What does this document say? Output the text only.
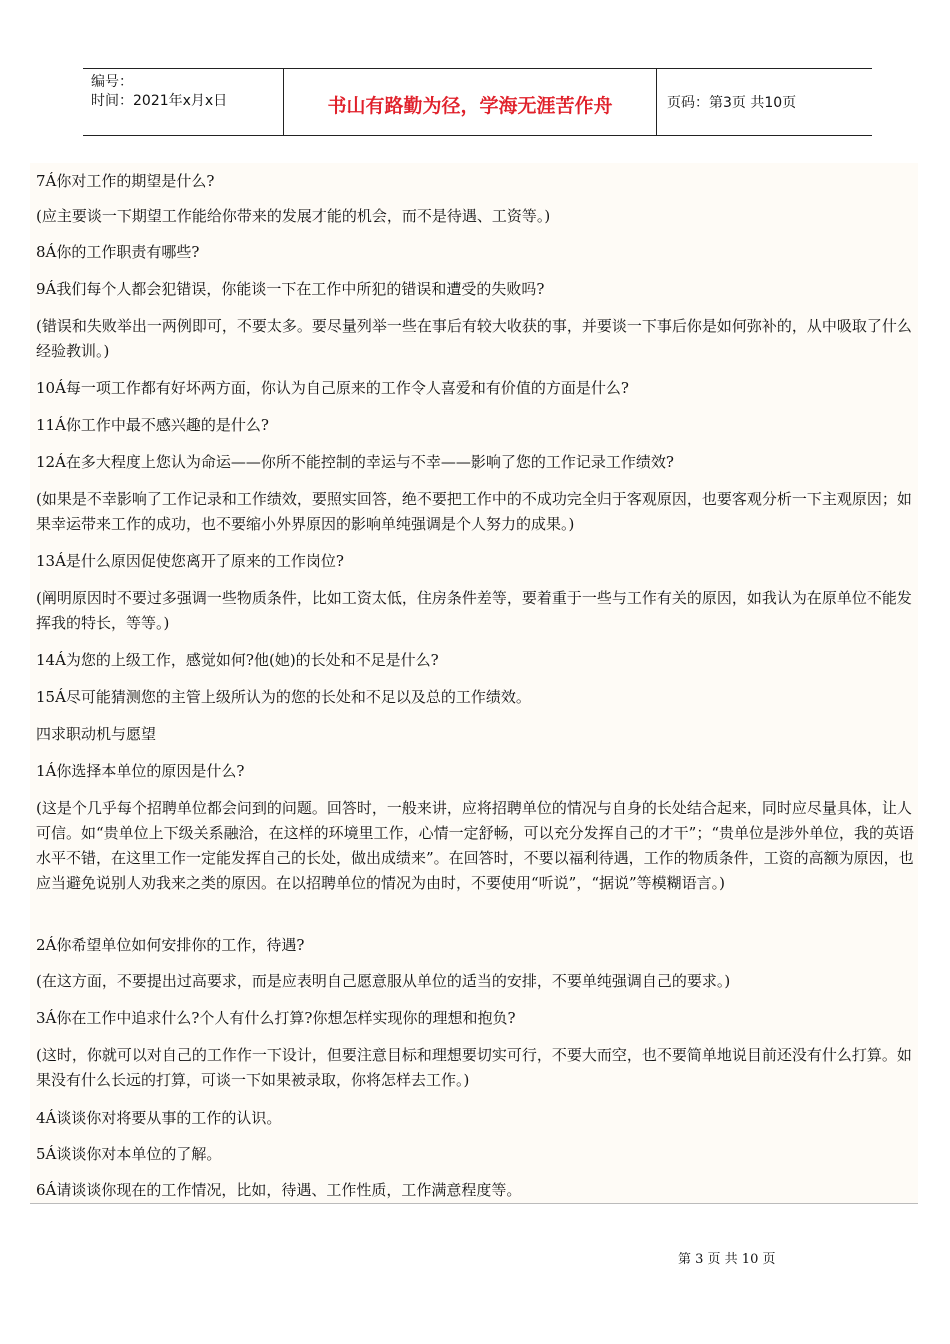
编号：
时间：2021年x月x日	书山有路勤为径，学海无涯苦作舟	页码：第3页 共10页

7Á你对工作的期望是什么?

(应主要谈一下期望工作能给你带来的发展才能的机会，而不是待遇、工资等。)

8Á你的工作职责有哪些?

9Á我们每个人都会犯错误，你能谈一下在工作中所犯的错误和遭受的失败吗?

(错误和失败举出一两例即可，不要太多。要尽量列举一些在事后有较大收获的事，并要谈一下事后你是如何弥补的，从中吸取了什么经验教训。)

10Á每一项工作都有好坏两方面，你认为自己原来的工作令人喜爱和有价值的方面是什么?

11Á你工作中最不感兴趣的是什么?

12Á在多大程度上您认为命运——你所不能控制的幸运与不幸——影响了您的工作记录工作绩效?

(如果是不幸影响了工作记录和工作绩效，要照实回答，绝不要把工作中的不成功完全归于客观原因，也要客观分析一下主观原因；如果幸运带来工作的成功，也不要缩小外界原因的影响单纯强调是个人努力的成果。)

13Á是什么原因促使您离开了原来的工作岗位?

(阐明原因时不要过多强调一些物质条件，比如工资太低，住房条件差等，要着重于一些与工作有关的原因，如我认为在原单位不能发挥我的特长，等等。)

14Á为您的上级工作，感觉如何?他(她)的长处和不足是什么?

15Á尽可能猜测您的主管上级所认为的您的长处和不足以及总的工作绩效。

四求职动机与愿望

1Á你选择本单位的原因是什么?

(这是个几乎每个招聘单位都会问到的问题。回答时，一般来讲，应将招聘单位的情况与自身的长处结合起来，同时应尽量具体，让人可信。如“贵单位上下级关系融洽，在这样的环境里工作，心情一定舒畅，可以充分发挥自己的才干”；“贵单位是涉外单位，我的英语水平不错，在这里工作一定能发挥自己的长处，做出成绩来”。在回答时，不要以福利待遇，工作的物质条件，工资的高额为原因，也应当避免说别人劝我来之类的原因。在以招聘单位的情况为由时，不要使用“听说”，“据说”等模糊语言。)

2Á你希望单位如何安排你的工作，待遇?

(在这方面，不要提出过高要求，而是应表明自己愿意服从单位的适当的安排，不要单纯强调自己的要求。)

3Á你在工作中追求什么?个人有什么打算?你想怎样实现你的理想和抱负?

(这时，你就可以对自己的工作作一下设计，但要注意目标和理想要切实可行，不要大而空，也不要简单地说目前还没有什么打算。如果没有什么长远的打算，可谈一下如果被录取，你将怎样去工作。)

4Á谈谈你对将要从事的工作的认识。

5Á谈谈你对本单位的了解。

6Á请谈谈你现在的工作情况，比如，待遇、工作性质，工作满意程度等。

第 3 页 共 10 页
